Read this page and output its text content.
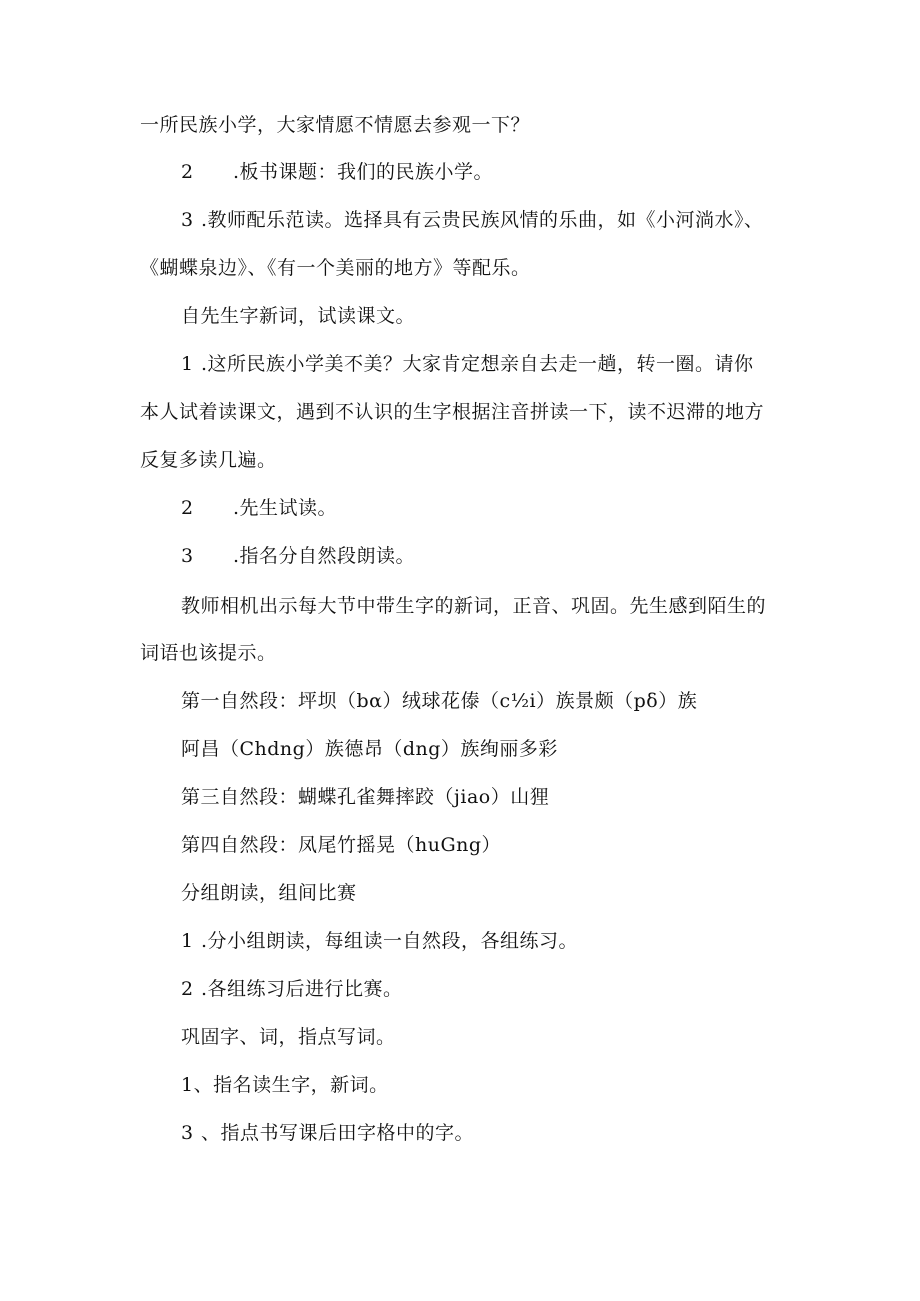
一所民族小学，大家情愿不情愿去参观一下？
2 .板书课题：我们的民族小学。
3 .教师配乐范读。选择具有云贵民族风情的乐曲，如《小河淌水》、
《蝴蝶泉边》、《有一个美丽的地方》等配乐。
自先生字新词，试读课文。
1 .这所民族小学美不美？大家肯定想亲自去走一趟，转一圈。请你
本人试着读课文，遇到不认识的生字根据注音拼读一下，读不迟滞的地方
反复多读几遍。
2 .先生试读。
3 .指名分自然段朗读。
教师相机出示每大节中带生字的新词，正音、巩固。先生感到陌生的
词语也该提示。
第一自然段：坪坝（bα）绒球花傣（c½i）族景颇（pδ）族
阿昌（Chdng）族德昂（dng）族绚丽多彩
第三自然段：蝴蝶孔雀舞摔跤（jiao）山狸
第四自然段：凤尾竹摇晃（huGng）
分组朗读，组间比赛
1 .分小组朗读，每组读一自然段，各组练习。
2 .各组练习后进行比赛。
巩固字、词，指点写词。
1、指名读生字，新词。
3 、指点书写课后田字格中的字。
